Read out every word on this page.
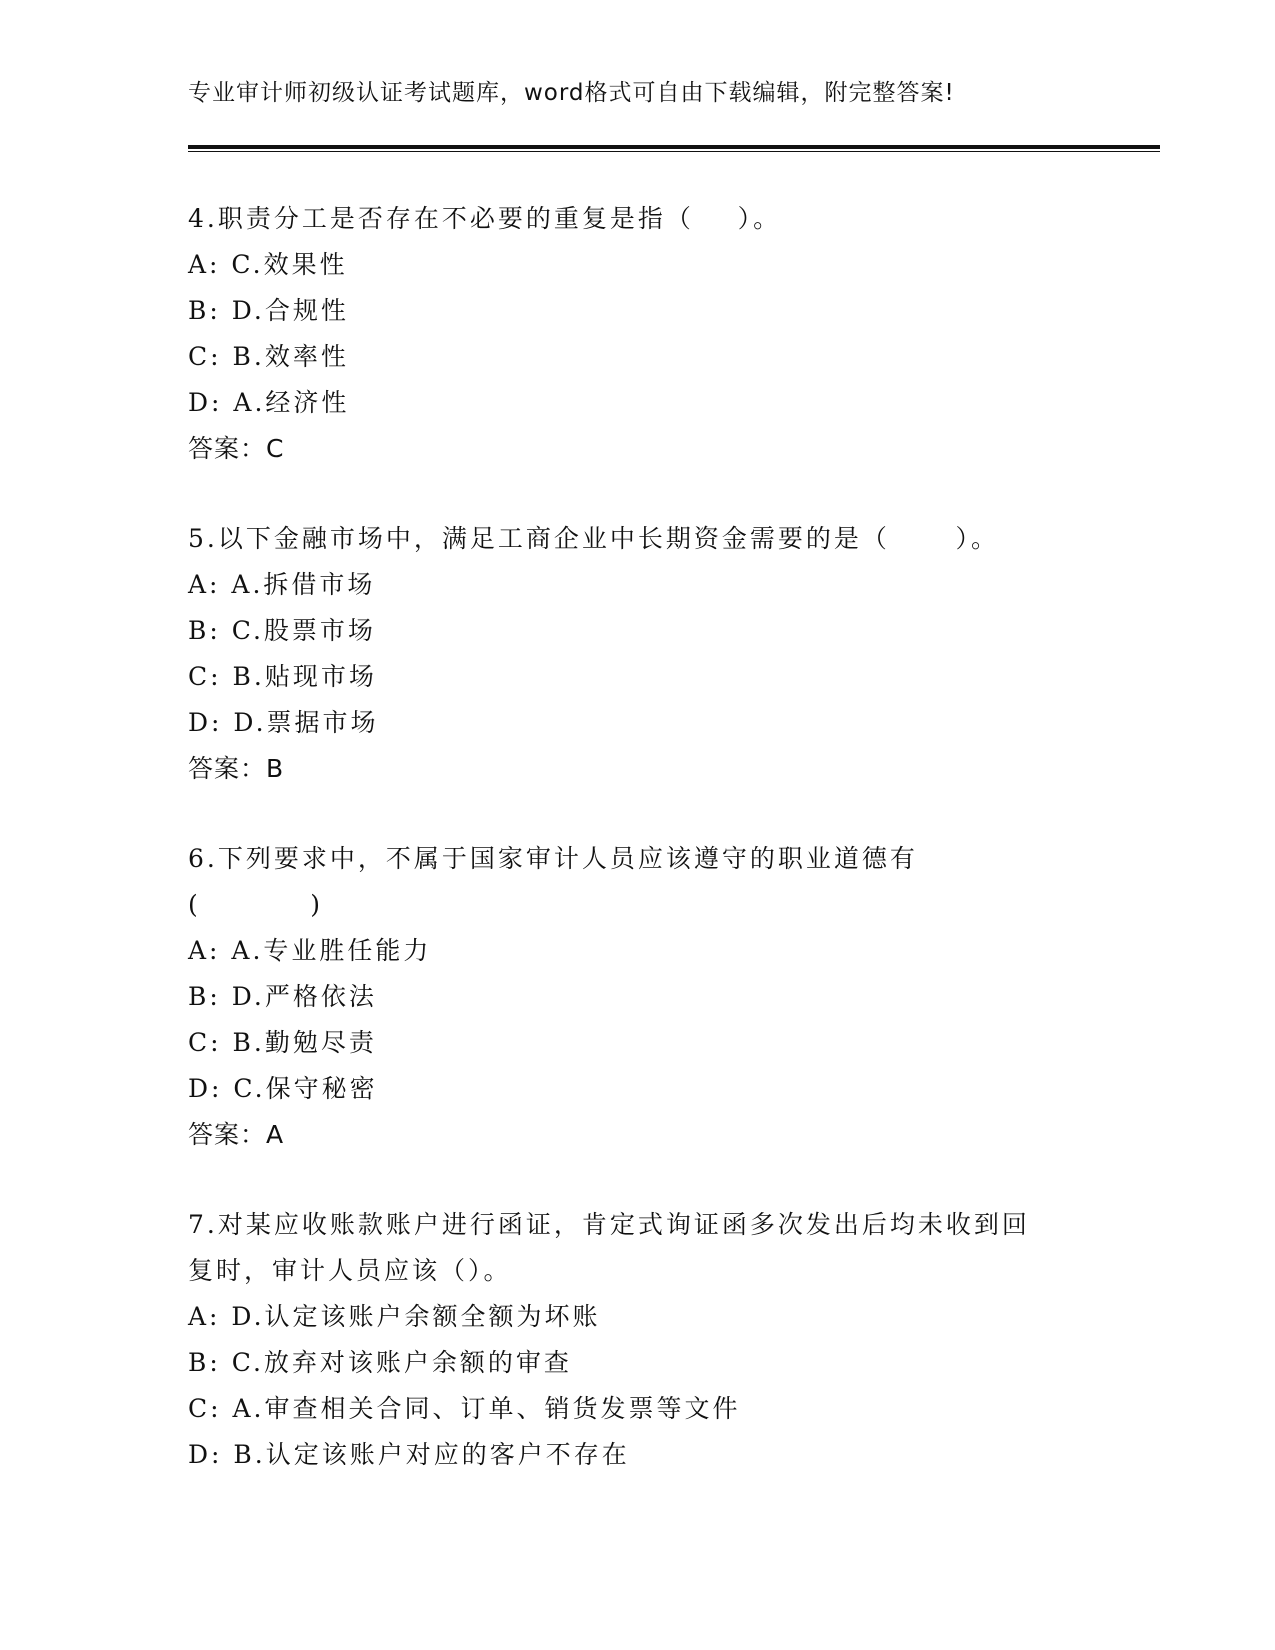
专业审计师初级认证考试题库，word格式可自由下载编辑，附完整答案!

4.职责分工是否存在不必要的重复是指（    ）。

A: C.效果性

B: D.合规性

C: B.效率性

D: A.经济性

答案：C

5.以下金融市场中，满足工商企业中长期资金需要的是（      ）。

A: A.拆借市场

B: C.股票市场

C: B.贴现市场

D: D.票据市场

答案：B

6.下列要求中，不属于国家审计人员应该遵守的职业道德有

(          )

A: A.专业胜任能力

B: D.严格依法

C: B.勤勉尽责

D: C.保守秘密

答案：A

7.对某应收账款账户进行函证，肯定式询证函多次发出后均未收到回

复时，审计人员应该（）。

A: D.认定该账户余额全额为坏账

B: C.放弃对该账户余额的审查

C: A.审查相关合同、订单、销货发票等文件

D: B.认定该账户对应的客户不存在
